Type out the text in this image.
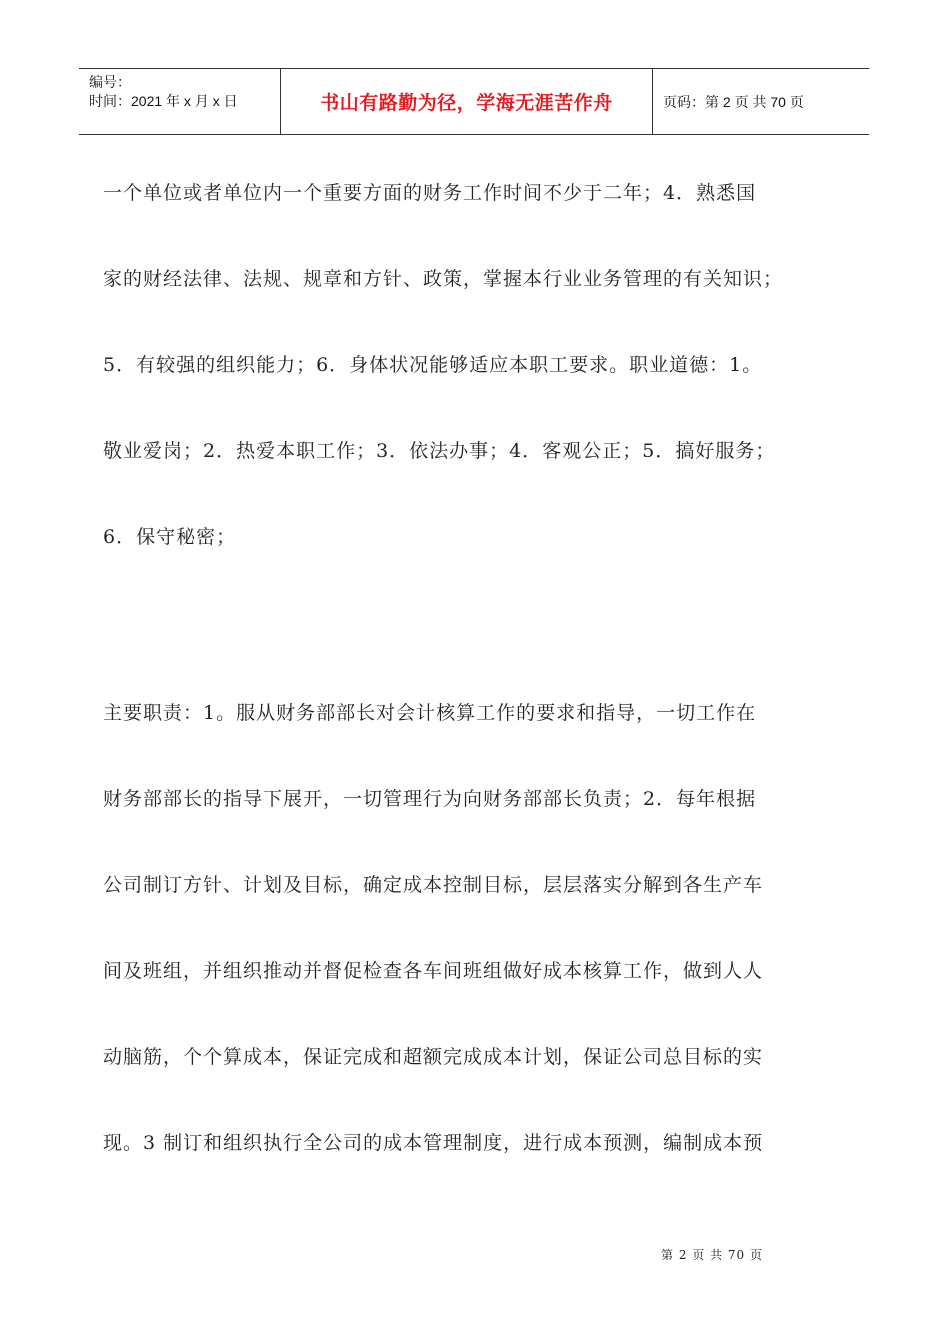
编号：
时间：2021 年 x 月 x 日	书山有路勤为径，学海无涯苦作舟	页码：第 2 页 共 70 页
一个单位或者单位内一个重要方面的财务工作时间不少于二年；4．熟悉国
家的财经法律、法规、规章和方针、政策，掌握本行业业务管理的有关知识；
5．有较强的组织能力；6．身体状况能够适应本职工要求。职业道德：1。
敬业爱岗；2．热爱本职工作；3．依法办事；4．客观公正；5．搞好服务；
6．保守秘密；
主要职责：1。服从财务部部长对会计核算工作的要求和指导，一切工作在
财务部部长的指导下展开，一切管理行为向财务部部长负责；2．每年根据
公司制订方针、计划及目标，确定成本控制目标，层层落实分解到各生产车
间及班组，并组织推动并督促检查各车间班组做好成本核算工作，做到人人
动脑筋，个个算成本，保证完成和超额完成成本计划，保证公司总目标的实
现。3 制订和组织执行全公司的成本管理制度，进行成本预测，编制成本预
第 2 页 共 70 页
